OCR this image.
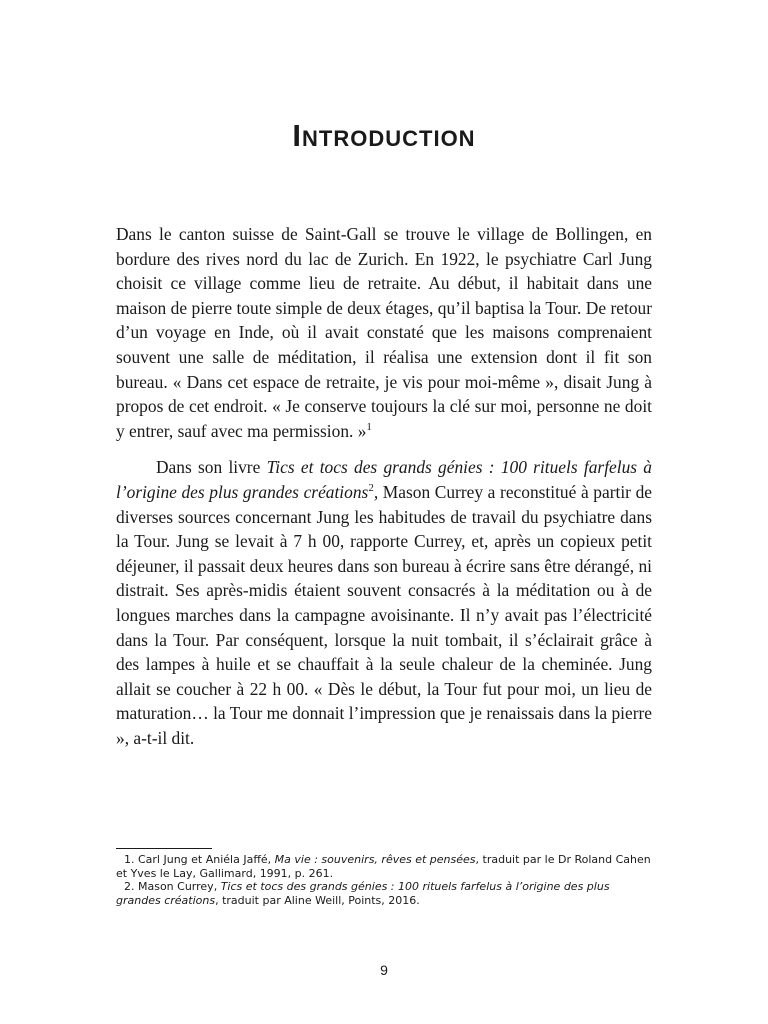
Introduction

Dans le canton suisse de Saint-Gall se trouve le village de Bollingen, en bordure des rives nord du lac de Zurich. En 1922, le psychiatre Carl Jung choisit ce village comme lieu de retraite. Au début, il habitait dans une maison de pierre toute simple de deux étages, qu’il baptisa la Tour. De retour d’un voyage en Inde, où il avait constaté que les maisons comprenaient souvent une salle de méditation, il réalisa une extension dont il fit son bureau. « Dans cet espace de retraite, je vis pour moi-même », disait Jung à propos de cet endroit. « Je conserve toujours la clé sur moi, personne ne doit y entrer, sauf avec ma permission. »$^1$

Dans son livre Tics et tocs des grands génies : 100 rituels farfelus à l’origine des plus grandes créations$^2$, Mason Currey a reconstitué à partir de diverses sources concernant Jung les habitudes de travail du psychiatre dans la Tour. Jung se levait à 7 h 00, rapporte Currey, et, après un copieux petit déjeuner, il passait deux heures dans son bureau à écrire sans être dérangé, ni distrait. Ses après-midis étaient souvent consacrés à la méditation ou à de longues marches dans la campagne avoisinante. Il n’y avait pas l’électricité dans la Tour. Par conséquent, lorsque la nuit tombait, il s’éclairait grâce à des lampes à huile et se chauffait à la seule chaleur de la cheminée. Jung allait se coucher à 22 h 00. « Dès le début, la Tour fut pour moi, un lieu de maturation… la Tour me donnait l’impression que je renaissais dans la pierre », a-t-il dit.

1. Carl Jung et Aniéla Jaffé, Ma vie : souvenirs, rêves et pensées, traduit par le Dr Roland Cahen et Yves le Lay, Gallimard, 1991, p. 261.

2. Mason Currey, Tics et tocs des grands génies : 100 rituels farfelus à l’origine des plus grandes créations, traduit par Aline Weill, Points, 2016.

9
